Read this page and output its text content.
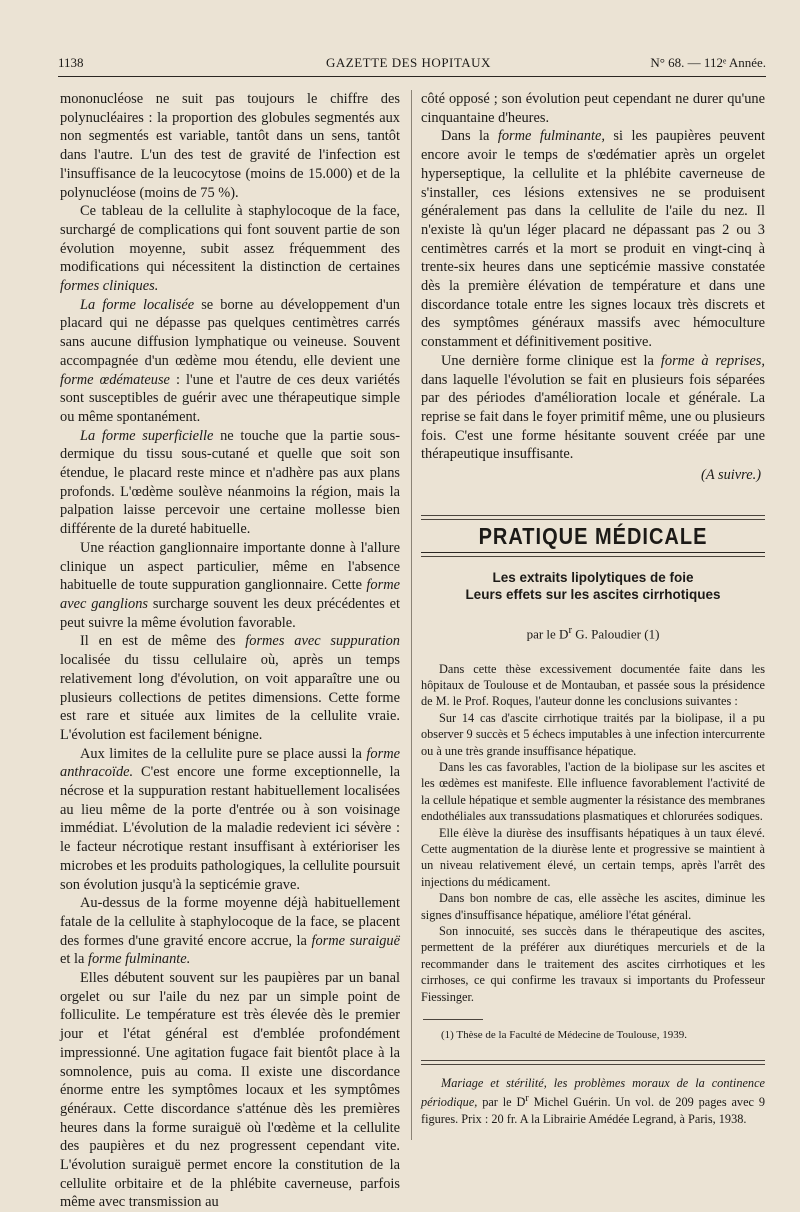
1138	GAZETTE DES HOPITAUX	N° 68. — 112ᵉ Année.

mononucléose ne suit pas toujours le chiffre des polynucléaires : la proportion des globules segmentés aux non segmentés est variable, tantôt dans un sens, tantôt dans l'autre. L'un des test de gravité de l'infection est l'insuffisance de la leucocytose (moins de 15.000) et de la polynucléose (moins de 75 %).

Ce tableau de la cellulite à staphylocoque de la face, surchargé de complications qui font souvent partie de son évolution moyenne, subit assez fréquemment des modifications qui nécessitent la distinction de certaines formes cliniques.

La forme localisée se borne au développement d'un placard qui ne dépasse pas quelques centimètres carrés sans aucune diffusion lymphatique ou veineuse. Souvent accompagnée d'un œdème mou étendu, elle devient une forme œdémateuse : l'une et l'autre de ces deux variétés sont susceptibles de guérir avec une thérapeutique simple ou même spontanément.

La forme superficielle ne touche que la partie sous-dermique du tissu sous-cutané et quelle que soit son étendue, le placard reste mince et n'adhère pas aux plans profonds. L'œdème soulève néanmoins la région, mais la palpation laisse percevoir une certaine mollesse bien différente de la dureté habituelle.

Une réaction ganglionnaire importante donne à l'allure clinique un aspect particulier, même en l'absence habituelle de toute suppuration ganglionnaire. Cette forme avec ganglions surcharge souvent les deux précédentes et peut suivre la même évolution favorable.

Il en est de même des formes avec suppuration localisée du tissu cellulaire où, après un temps relativement long d'évolution, on voit apparaître une ou plusieurs collections de petites dimensions. Cette forme est rare et située aux limites de la cellulite vraie. L'évolution est facilement bénigne.

Aux limites de la cellulite pure se place aussi la forme anthracoïde. C'est encore une forme exceptionnelle, la nécrose et la suppuration restant habituellement localisées au lieu même de la porte d'entrée ou à son voisinage immédiat. L'évolution de la maladie redevient ici sévère : le facteur nécrotique restant insuffisant à extérioriser les microbes et les produits pathologiques, la cellulite poursuit son évolution jusqu'à la septicémie grave.

Au-dessus de la forme moyenne déjà habituellement fatale de la cellulite à staphylocoque de la face, se placent des formes d'une gravité encore accrue, la forme suraiguë et la forme fulminante.

Elles débutent souvent sur les paupières par un banal orgelet ou sur l'aile du nez par un simple point de folliculite. Le température est très élevée dès le premier jour et l'état général est d'emblée profondément impressionné. Une agitation fugace fait bientôt place à la somnolence, puis au coma. Il existe une discordance énorme entre les symptômes locaux et les symptômes généraux. Cette discordance s'atténue dès les premières heures dans la forme suraiguë où l'œdème et la cellulite des paupières et du nez progressent cependant vite. L'évolution suraiguë permet encore la constitution de la cellulite orbitaire et de la phlébite caverneuse, parfois même avec transmission au

côté opposé ; son évolution peut cependant ne durer qu'une cinquantaine d'heures.

Dans la forme fulminante, si les paupières peuvent encore avoir le temps de s'œdématier après un orgelet hyperseptique, la cellulite et la phlébite caverneuse de s'installer, ces lésions extensives ne se produisent généralement pas dans la cellulite de l'aile du nez. Il n'existe là qu'un léger placard ne dépassant pas 2 ou 3 centimètres carrés et la mort se produit en vingt-cinq à trente-six heures dans une septicémie massive constatée dès la première élévation de température et dans une discordance totale entre les signes locaux très discrets et des symptômes généraux massifs avec hémoculture constamment et définitivement positive.

Une dernière forme clinique est la forme à reprises, dans laquelle l'évolution se fait en plusieurs fois séparées par des périodes d'amélioration locale et générale. La reprise se fait dans le foyer primitif même, une ou plusieurs fois. C'est une forme hésitante souvent créée par une thérapeutique insuffisante.

(A suivre.)

PRATIQUE MÉDICALE
Les extraits lipolytiques de foie
Leurs effets sur les ascites cirrhotiques
par le $D^r$ G. Paloudier (1)

Dans cette thèse excessivement documentée faite dans les hôpitaux de Toulouse et de Montauban, et passée sous la présidence de M. le Prof. Roques, l'auteur donne les conclusions suivantes :

Sur 14 cas d'ascite cirrhotique traités par la biolipase, il a pu observer 9 succès et 5 échecs imputables à une infection intercurrente ou à une très grande insuffisance hépatique.

Dans les cas favorables, l'action de la biolipase sur les ascites et les œdèmes est manifeste. Elle influence favorablement l'activité de la cellule hépatique et semble augmenter la résistance des membranes endothéliales aux transsudations plasmatiques et chlorurées sodiques.

Elle élève la diurèse des insuffisants hépatiques à un taux élevé. Cette augmentation de la diurèse lente et progressive se maintient à un niveau relativement élevé, un certain temps, après l'arrêt des injections du médicament.

Dans bon nombre de cas, elle assèche les ascites, diminue les signes d'insuffisance hépatique, améliore l'état général.

Son innocuité, ses succès dans le thérapeutique des ascites, permettent de la préférer aux diurétiques mercuriels et de la recommander dans le traitement des ascites cirrhotiques et les cirrhoses, ce qui confirme les travaux si importants du Professeur Fiessinger.

(1) Thèse de la Faculté de Médecine de Toulouse, 1939.

Mariage et stérilité, les problèmes moraux de la continence périodique, par le $D^r$ Michel Guérin. Un vol. de 209 pages avec 9 figures. Prix : 20 fr. A la Librairie Amédée Legrand, à Paris, 1938.
